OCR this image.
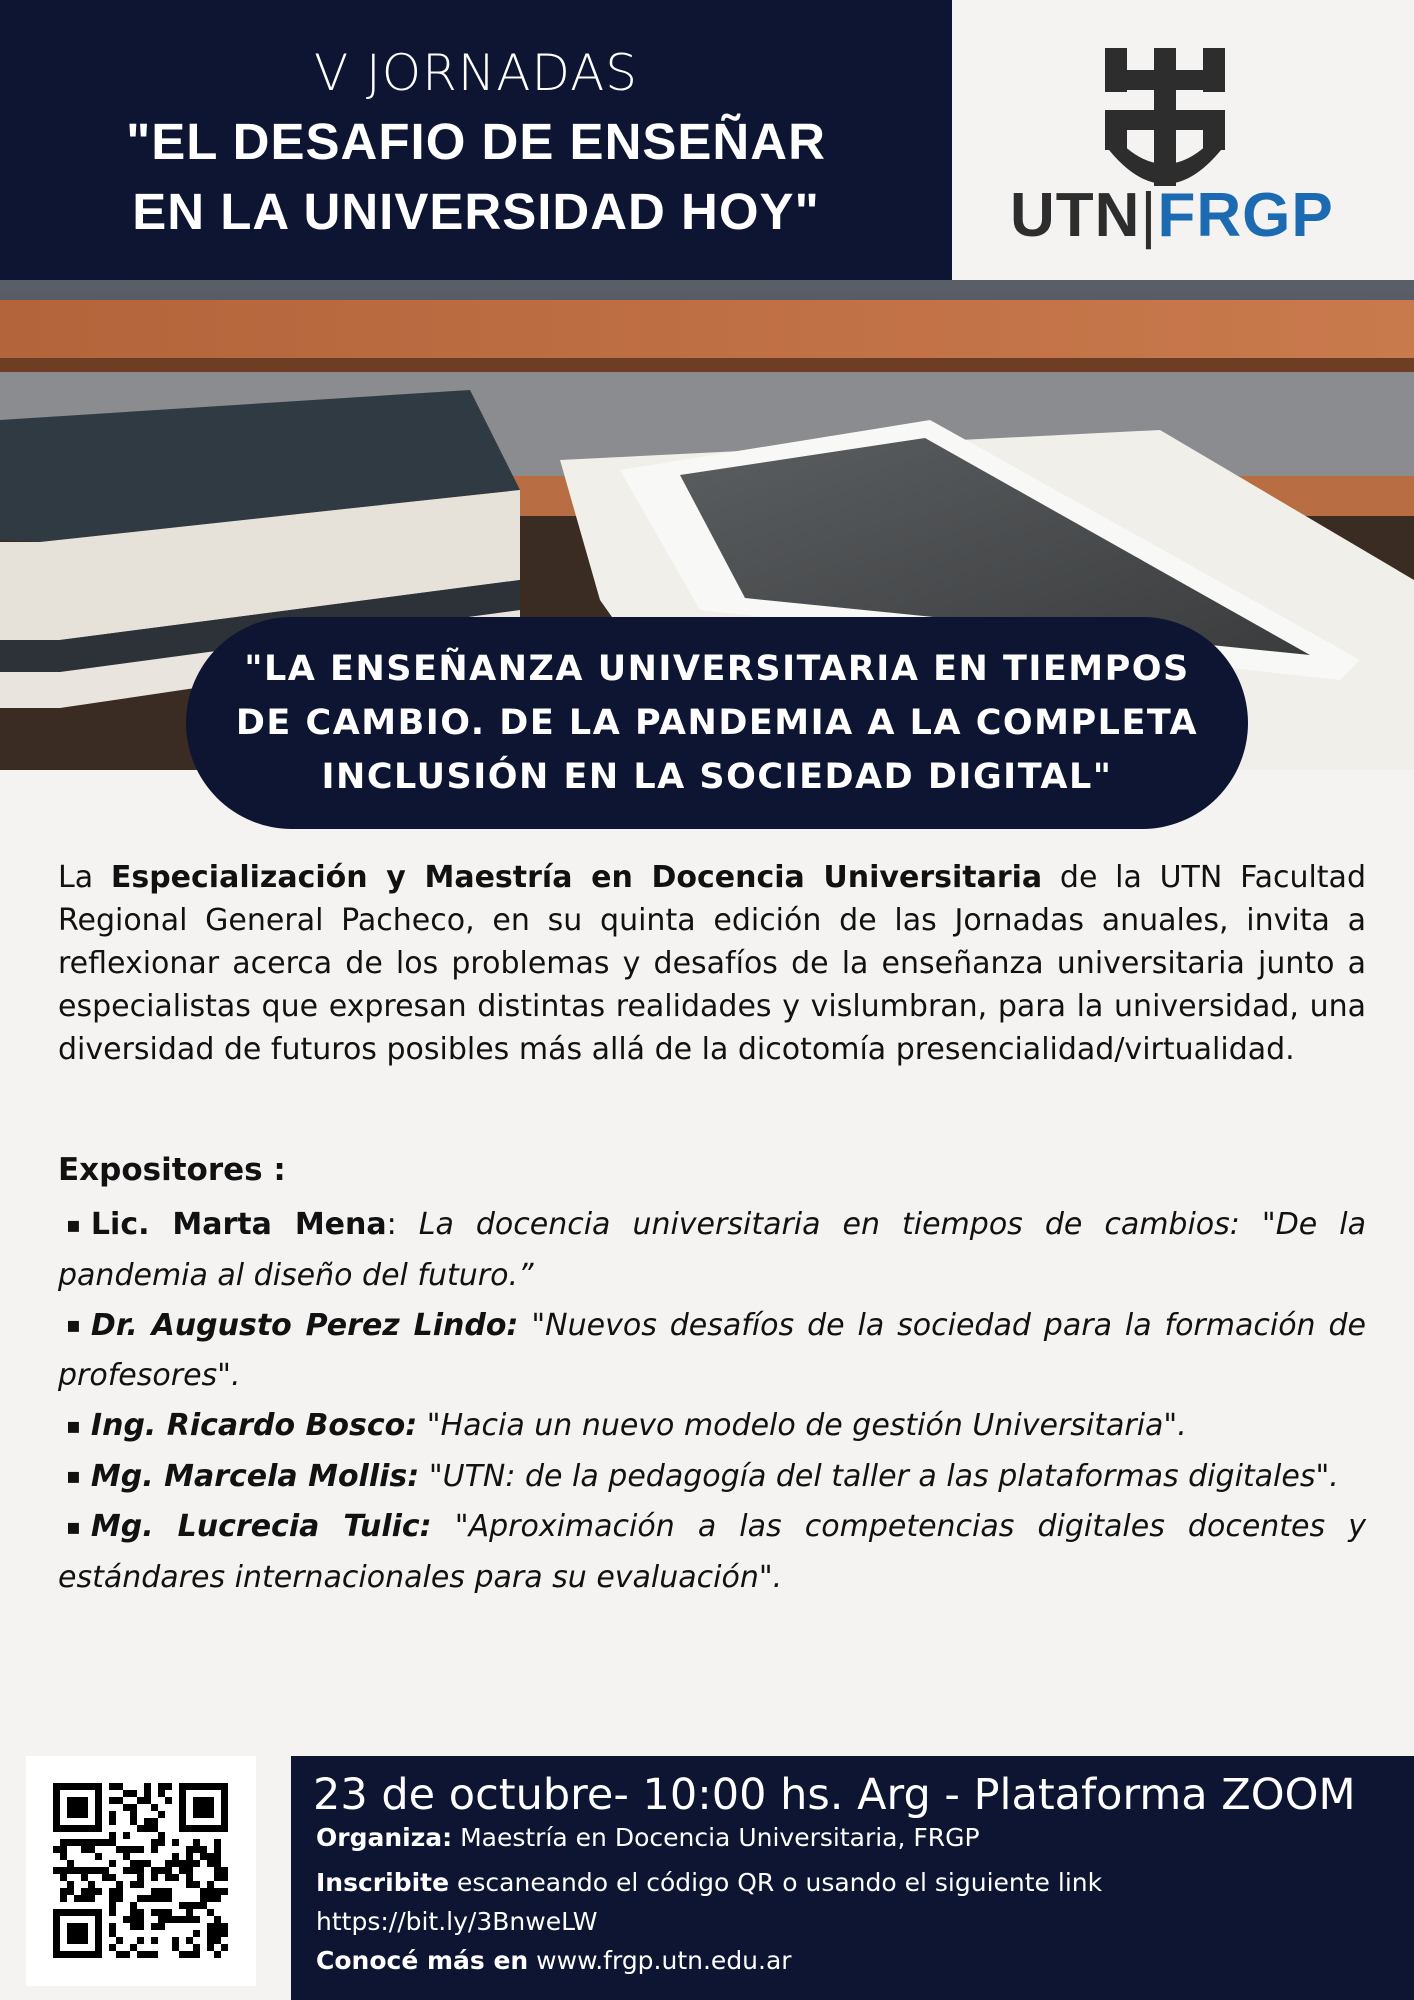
V JORNADAS
"EL DESAFIO DE ENSEÑAR
EN LA UNIVERSIDAD HOY"	UTN|FRGP
"LA ENSEÑANZA UNIVERSITARIA EN TIEMPOS DE CAMBIO. DE LA PANDEMIA A LA COMPLETA INCLUSIÓN EN LA SOCIEDAD DIGITAL"
La Especialización y Maestría en Docencia Universitaria de la UTN Facultad Regional General Pacheco, en su quinta edición de las Jornadas anuales, invita a reflexionar acerca de los problemas y desafíos de la enseñanza universitaria junto a especialistas que expresan distintas realidades y vislumbran, para la universidad, una diversidad de futuros posibles más allá de la dicotomía presencialidad/virtualidad.
Expositores :
▪ Lic. Marta Mena: La docencia universitaria en tiempos de cambios: "De la pandemia al diseño del futuro.”
▪ Dr. Augusto Perez Lindo: "Nuevos desafíos de la sociedad para la formación de profesores".
▪ Ing. Ricardo Bosco: "Hacia un nuevo modelo de gestión Universitaria".
▪ Mg. Marcela Mollis: "UTN: de la pedagogía del taller a las plataformas digitales".
▪ Mg. Lucrecia Tulic: "Aproximación a las competencias digitales docentes y estándares internacionales para su evaluación".
23 de octubre- 10:00 hs. Arg - Plataforma ZOOM
Organiza: Maestría en Docencia Universitaria, FRGP
Inscribite escaneando el código QR o usando el siguiente link
https://bit.ly/3BnweLW
Conocé más en www.frgp.utn.edu.ar
